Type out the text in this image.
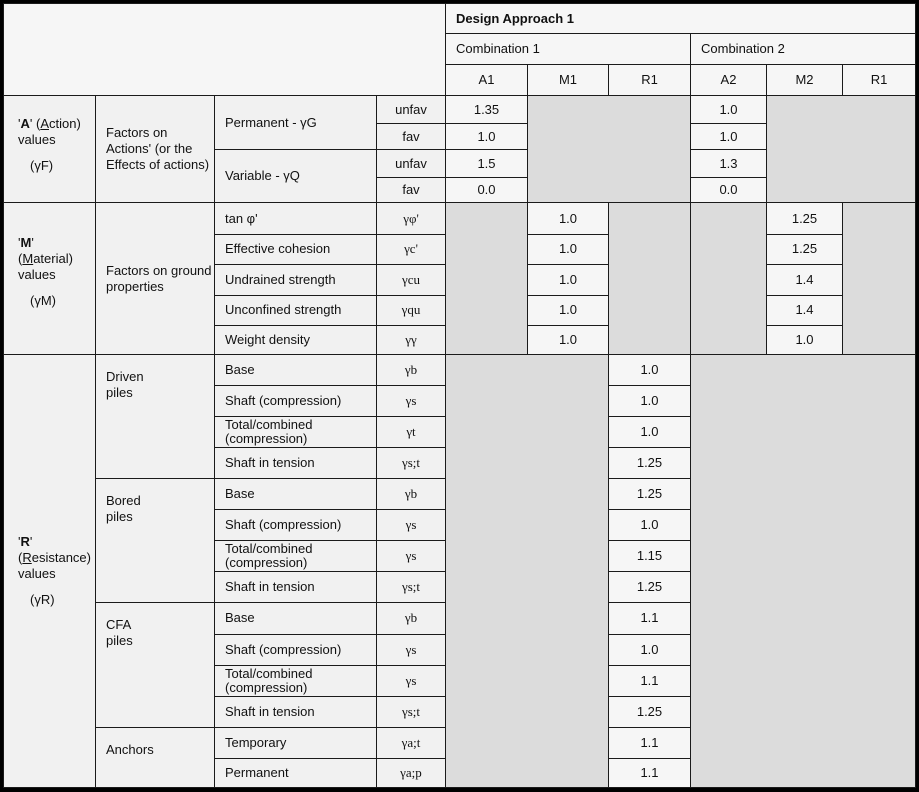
				Design Approach 1					
				Combination 1			Combination 2		
				A1	M1	R1	A2	M2	R1

'A' (Action)
values
(γF)	Factors on Actions' (or the Effects of actions)	Permanent - γG	unfav	1.35			1.0		
			fav	1.0			1.0		
		Variable - γQ	unfav	1.5			1.3		
			fav	0.0			0.0		

'M'
(Material)
values
(γM)	Factors on ground properties	tan φ'	γφ'		1.0			1.25	
		Effective cohesion	γc'		1.0			1.25	
		Undrained strength	γcu		1.0			1.4	
		Unconfined strength	γqu		1.0			1.4	
		Weight density	γγ		1.0			1.0	

'R'
(Resistance)
values
(γR)	Driven piles	Base	γb			1.0			
		Shaft (compression)	γs			1.0			
		Total/combined (compression)	γt			1.0			
		Shaft in tension	γs;t			1.25			

	Bored piles	Base	γb			1.25			
		Shaft (compression)	γs			1.0			
		Total/combined (compression)	γs			1.15			
		Shaft in tension	γs;t			1.25			

	CFA piles	Base	γb			1.1			
		Shaft (compression)	γs			1.0			
		Total/combined (compression)	γs			1.1			
		Shaft in tension	γs;t			1.25			

	Anchors	Temporary	γa;t			1.1			
		Permanent	γa;p			1.1			
